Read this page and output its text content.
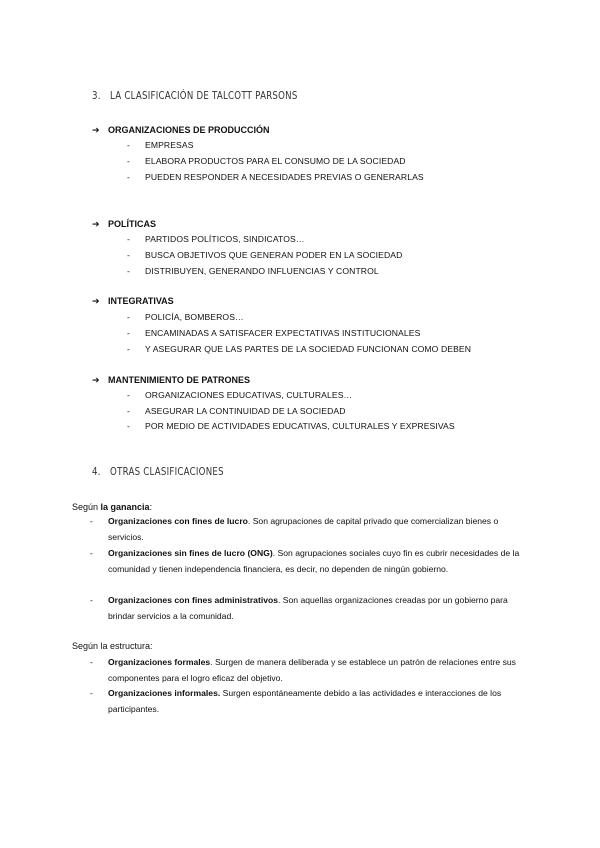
3. LA CLASIFICACIÓN DE TALCOTT PARSONS
➔ ORGANIZACIONES DE PRODUCCIÓN
- EMPRESAS
- ELABORA PRODUCTOS PARA EL CONSUMO DE LA SOCIEDAD
- PUEDEN RESPONDER A NECESIDADES PREVIAS O GENERARLAS
➔ POLÍTICAS
- PARTIDOS POLÍTICOS, SINDICATOS…
- BUSCA OBJETIVOS QUE GENERAN PODER EN LA SOCIEDAD
- DISTRIBUYEN, GENERANDO INFLUENCIAS Y CONTROL
➔ INTEGRATIVAS
- POLICÍA, BOMBEROS…
- ENCAMINADAS A SATISFACER EXPECTATIVAS INSTITUCIONALES
- Y ASEGURAR QUE LAS PARTES DE LA SOCIEDAD FUNCIONAN COMO DEBEN
➔ MANTENIMIENTO DE PATRONES
- ORGANIZACIONES EDUCATIVAS, CULTURALES…
- ASEGURAR LA CONTINUIDAD DE LA SOCIEDAD
- POR MEDIO DE ACTIVIDADES EDUCATIVAS, CULTURALES Y EXPRESIVAS
4. OTRAS CLASIFICACIONES
Según la ganancia:
- Organizaciones con fines de lucro. Son agrupaciones de capital privado que comercializan bienes o servicios.
- Organizaciones sin fines de lucro (ONG). Son agrupaciones sociales cuyo fin es cubrir necesidades de la comunidad y tienen independencia financiera, es decir, no dependen de ningún gobierno.
- Organizaciones con fines administrativos. Son aquellas organizaciones creadas por un gobierno para brindar servicios a la comunidad.
Según la estructura:
- Organizaciones formales. Surgen de manera deliberada y se establece un patrón de relaciones entre sus componentes para el logro eficaz del objetivo.
- Organizaciones informales. Surgen espontáneamente debido a las actividades e interacciones de los participantes.
